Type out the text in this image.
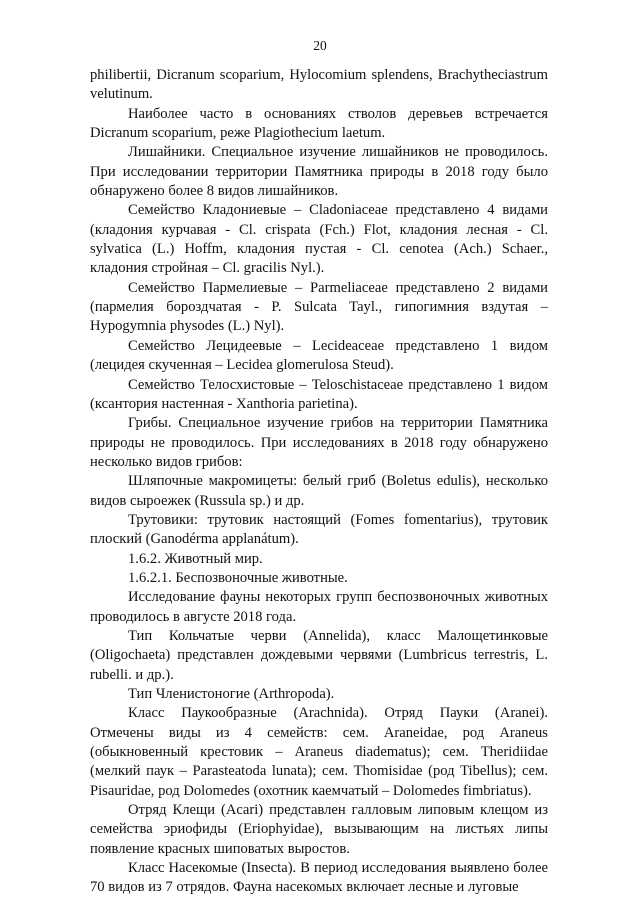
20

philibertii, Dicranum scoparium, Hylocomium splendens, Brachytheciastrum velutinum.

Наиболее часто в основаниях стволов деревьев встречается Dicranum scoparium, реже Plagiothecium laetum.

Лишайники. Специальное изучение лишайников не проводилось. При исследовании территории Памятника природы в 2018 году было обнаружено более 8 видов лишайников.

Семейство Кладониевые – Cladoniaceae представлено 4 видами (кладония курчавая - Cl. crispata (Fch.) Flot, кладония лесная - Cl. sylvatica (L.) Hoffm, кладония пустая - Cl. cenotea (Ach.) Schaer., кладония стройная – Cl. gracilis Nyl.).

Семейство Пармелиевые – Parmeliaceae представлено 2 видами (пармелия бороздчатая - P. Sulcata Tayl., гипогимния вздутая – Hypogymnia physodes (L.) Nyl).

Семейство Лецидеевые – Lecideaceae представлено 1 видом (лецидея скученная – Lecidea glomerulosa Steud).

Семейство Телосхистовые – Teloschistaceae представлено 1 видом (ксантория настенная - Xanthoria parietina).

Грибы. Специальное изучение грибов на территории Памятника природы не проводилось. При исследованиях в 2018 году обнаружено несколько видов грибов:

Шляпочные макромицеты: белый гриб (Boletus edulis), несколько видов сыроежек (Russula sp.) и др.

Трутовики: трутовик настоящий (Fomes fomentarius), трутовик плоский (Ganodérma applanátum).

1.6.2. Животный мир.

1.6.2.1. Беспозвоночные животные.

Исследование фауны некоторых групп беспозвоночных животных проводилось в августе 2018 года.

Тип Кольчатые черви (Annelida), класс Малощетинковые (Oligochaeta) представлен дождевыми червями (Lumbricus terrestris, L. rubelli. и др.).

Тип Членистоногие (Arthropoda).

Класс Паукообразные (Arachnida). Отряд Пауки (Aranei). Отмечены виды из 4 семейств: сем. Araneidae, род Araneus (обыкновенный крестовик – Araneus diadematus); сем. Theridiidae (мелкий паук – Parasteatoda lunata); сем. Thomisidae (род Tibellus); сем. Pisauridae, род Dolomedes (охотник каемчатый – Dolomedes fimbriatus).

Отряд Клещи (Acari) представлен галловым липовым клещом из семейства эриофиды (Eriophyidae), вызывающим на листьях липы появление красных шиповатых выростов.

Класс Насекомые (Insecta). В период исследования выявлено более 70 видов из 7 отрядов. Фауна насекомых включает лесные и луговые
